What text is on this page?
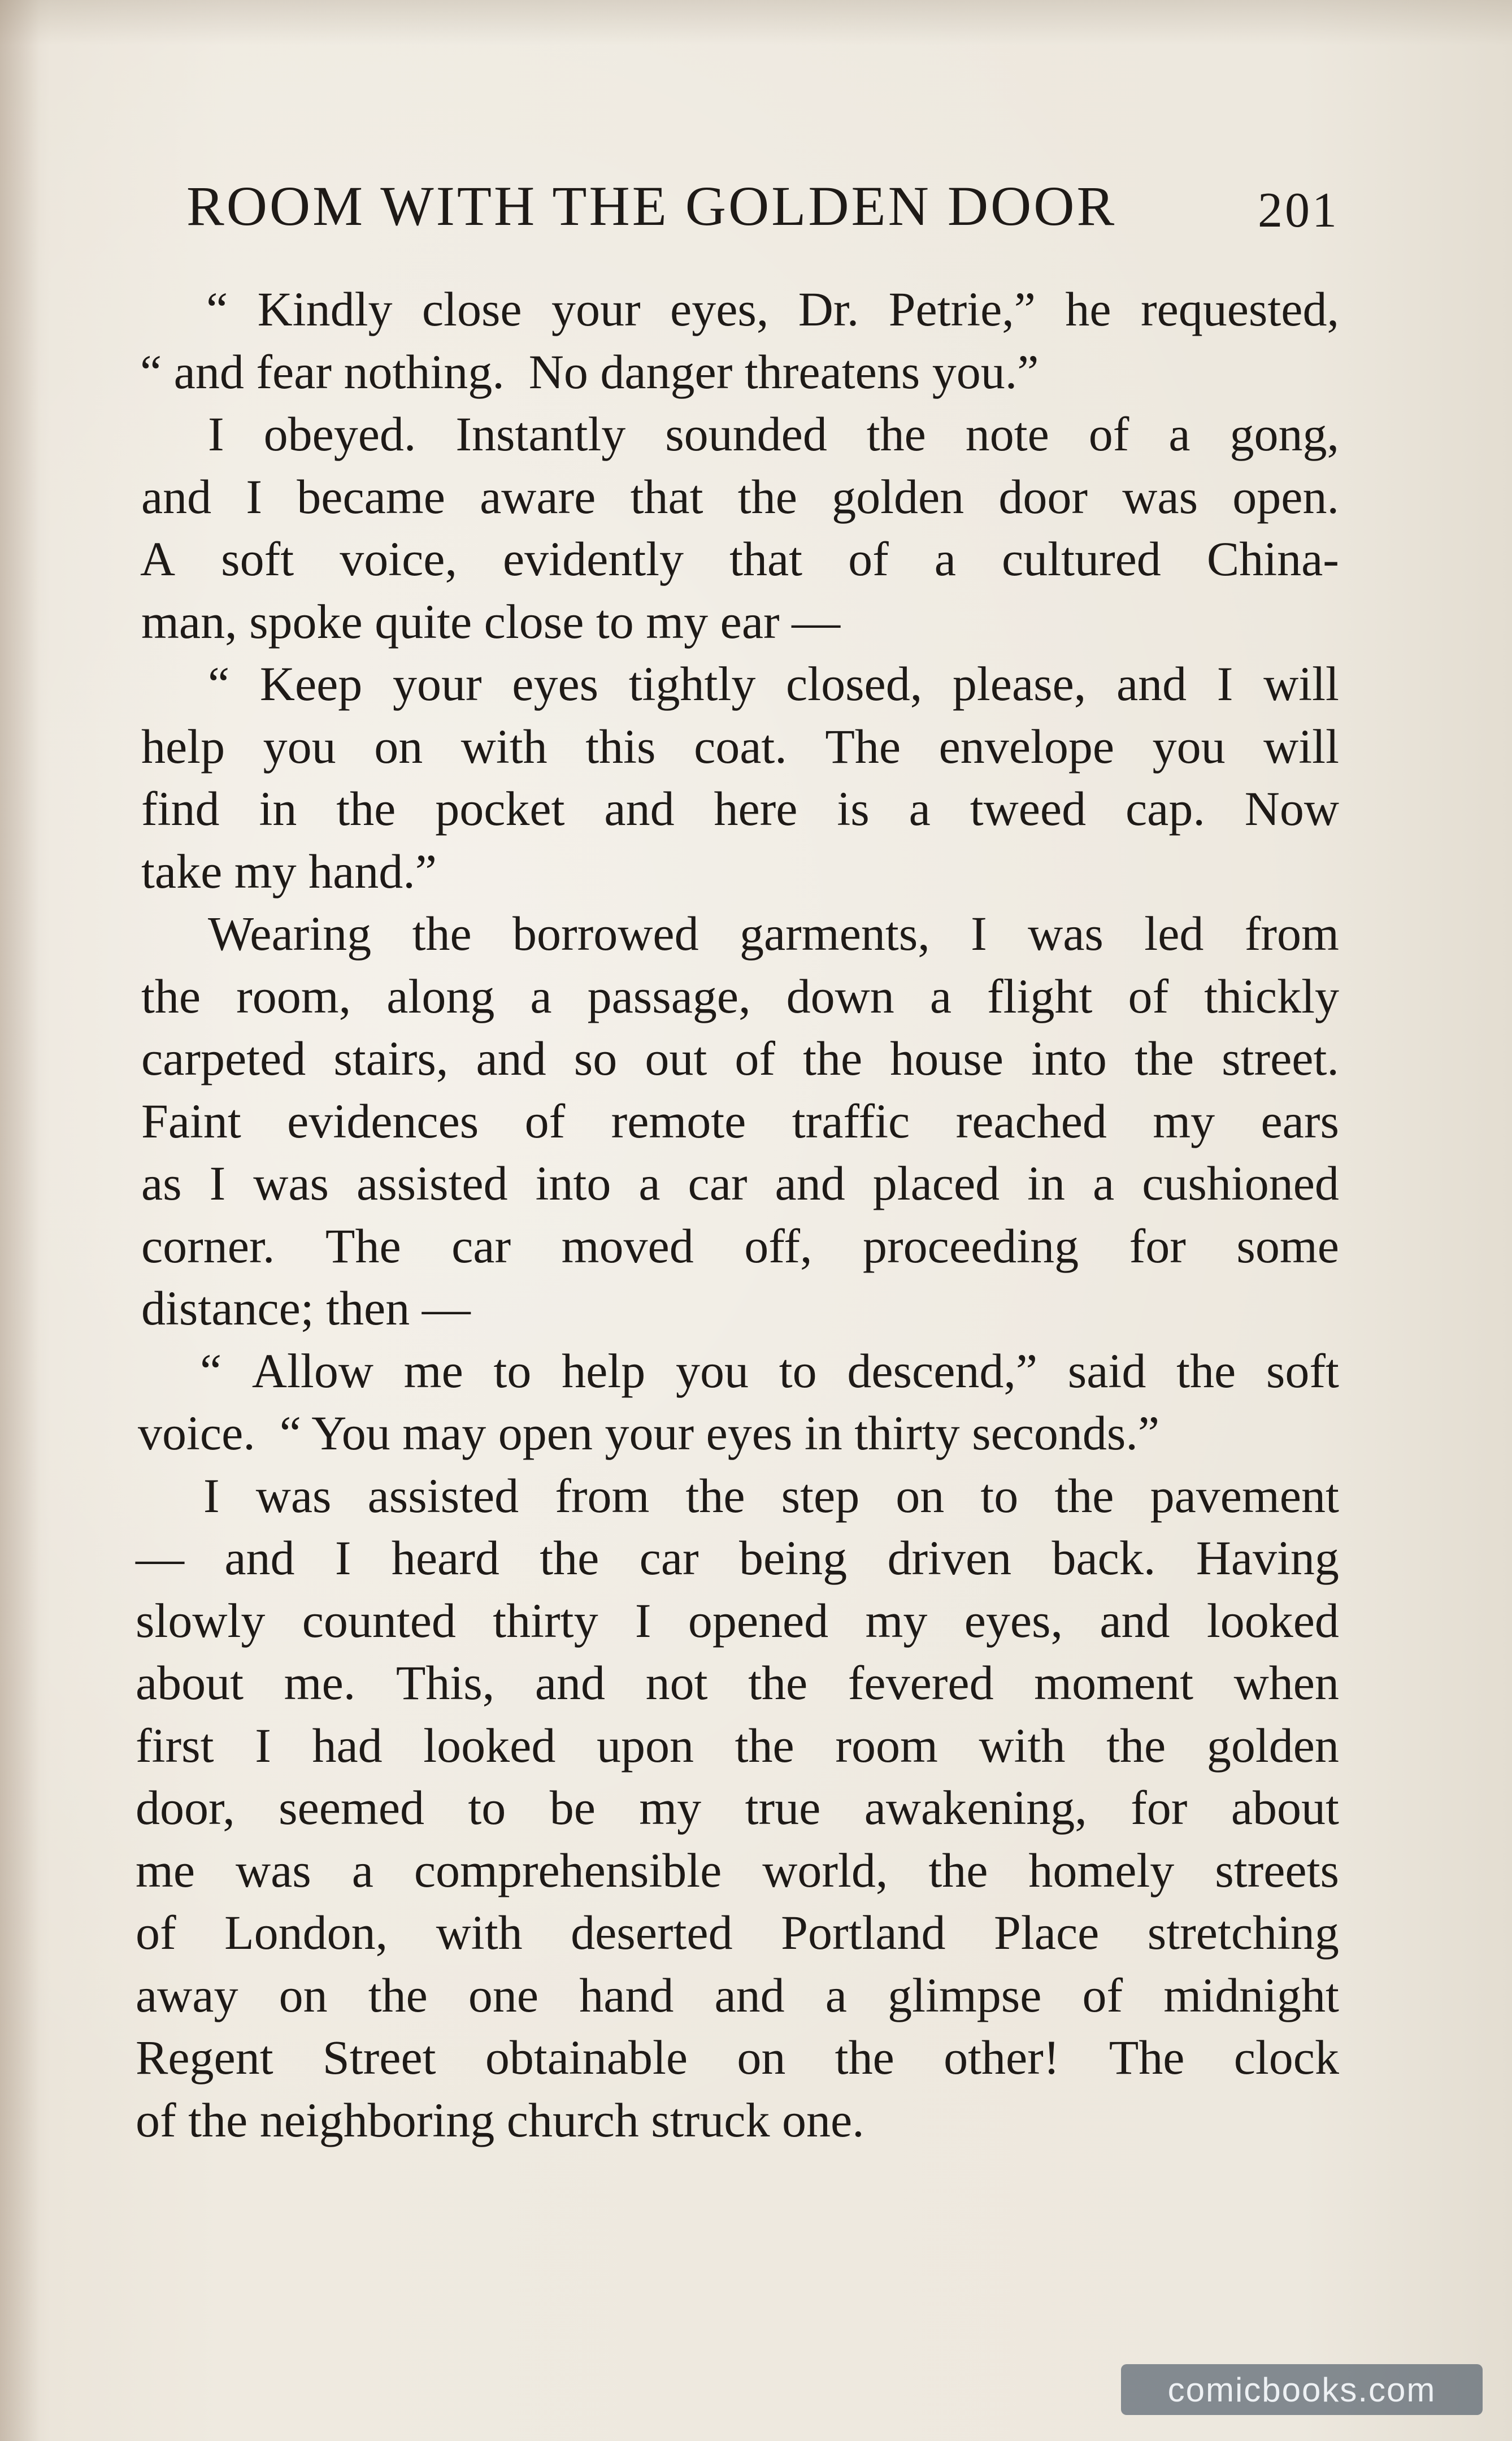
ROOM WITH THE GOLDEN DOOR	201
“ Kindly close your eyes, Dr. Petrie,” he requested,
“ and fear nothing.  No danger threatens you.”
I obeyed. Instantly sounded the note of a gong,
and I became aware that the golden door was open.
A soft voice, evidently that of a cultured China-
man, spoke quite close to my ear —
“ Keep your eyes tightly closed, please, and I will
help you on with this coat. The envelope you will
find in the pocket and here is a tweed cap. Now
take my hand.”
Wearing the borrowed garments, I was led from
the room, along a passage, down a flight of thickly
carpeted stairs, and so out of the house into the street.
Faint evidences of remote traffic reached my ears
as I was assisted into a car and placed in a cushioned
corner. The car moved off, proceeding for some
distance; then —
“ Allow me to help you to descend,” said the soft
voice.  “ You may open your eyes in thirty seconds.”
I was assisted from the step on to the pavement
— and I heard the car being driven back. Having
slowly counted thirty I opened my eyes, and looked
about me. This, and not the fevered moment when
first I had looked upon the room with the golden
door, seemed to be my true awakening, for about
me was a comprehensible world, the homely streets
of London, with deserted Portland Place stretching
away on the one hand and a glimpse of midnight
Regent Street obtainable on the other! The clock
of the neighboring church struck one.
comicbooks.com
